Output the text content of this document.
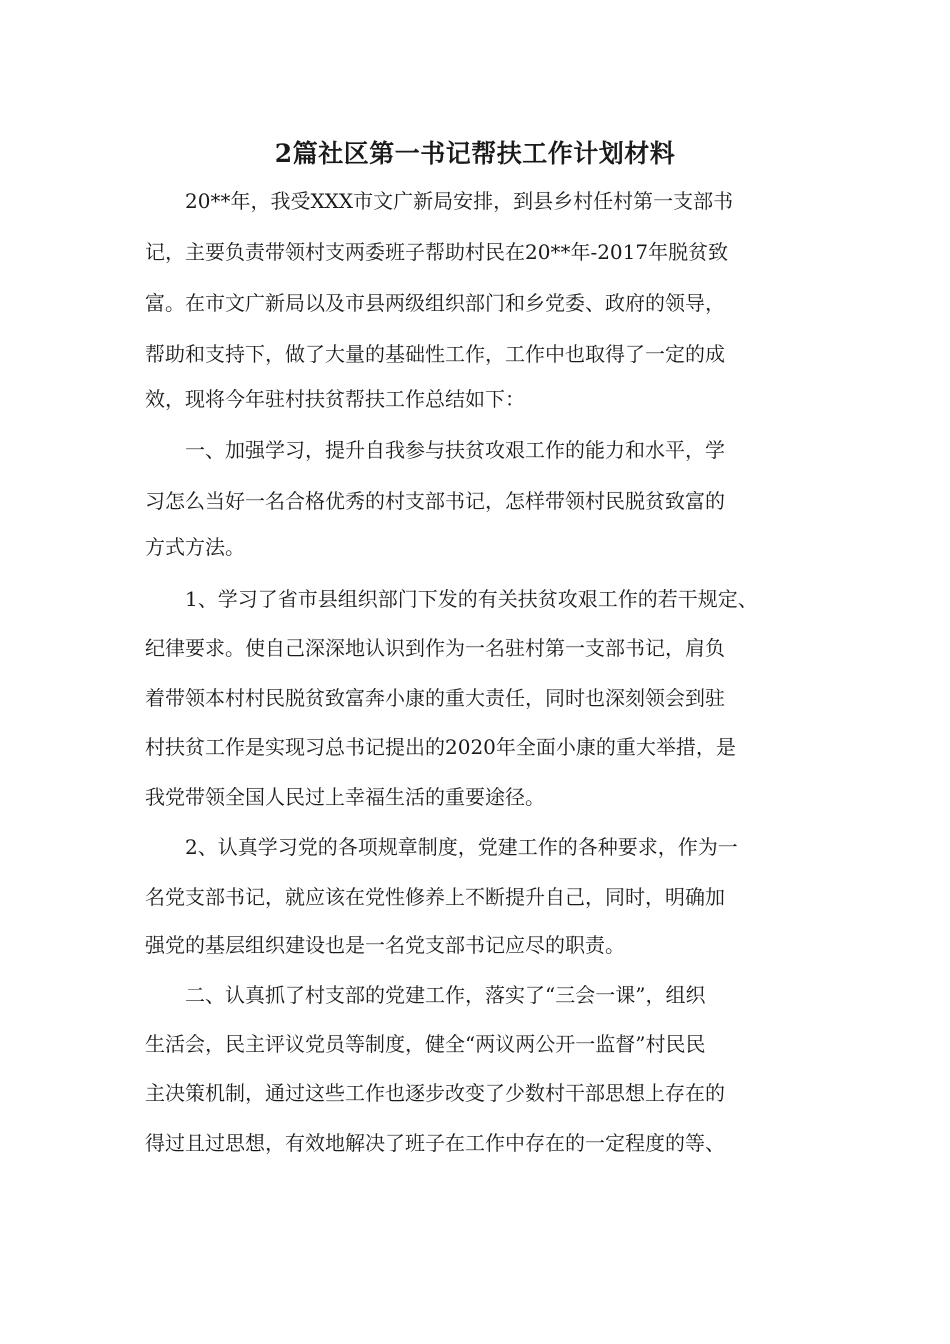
2篇社区第一书记帮扶工作计划材料
　　20**年，我受XXX市文广新局安排，到县乡村任村第一支部书
记，主要负责带领村支两委班子帮助村民在20**年-2017年脱贫致
富。在市文广新局以及市县两级组织部门和乡党委、政府的领导，
帮助和支持下，做了大量的基础性工作，工作中也取得了一定的成
效，现将今年驻村扶贫帮扶工作总结如下：
　　一、加强学习，提升自我参与扶贫攻艰工作的能力和水平，学
习怎么当好一名合格优秀的村支部书记，怎样带领村民脱贫致富的
方式方法。
　　1、学习了省市县组织部门下发的有关扶贫攻艰工作的若干规定、
纪律要求。使自己深深地认识到作为一名驻村第一支部书记，肩负
着带领本村村民脱贫致富奔小康的重大责任，同时也深刻领会到驻
村扶贫工作是实现习总书记提出的2020年全面小康的重大举措，是
我党带领全国人民过上幸福生活的重要途径。
　　2、认真学习党的各项规章制度，党建工作的各种要求，作为一
名党支部书记，就应该在党性修养上不断提升自己，同时，明确加
强党的基层组织建设也是一名党支部书记应尽的职责。
　　二、认真抓了村支部的党建工作，落实了“三会一课”，组织
生活会，民主评议党员等制度，健全“两议两公开一监督”村民民
主决策机制，通过这些工作也逐步改变了少数村干部思想上存在的
得过且过思想，有效地解决了班子在工作中存在的一定程度的等、
